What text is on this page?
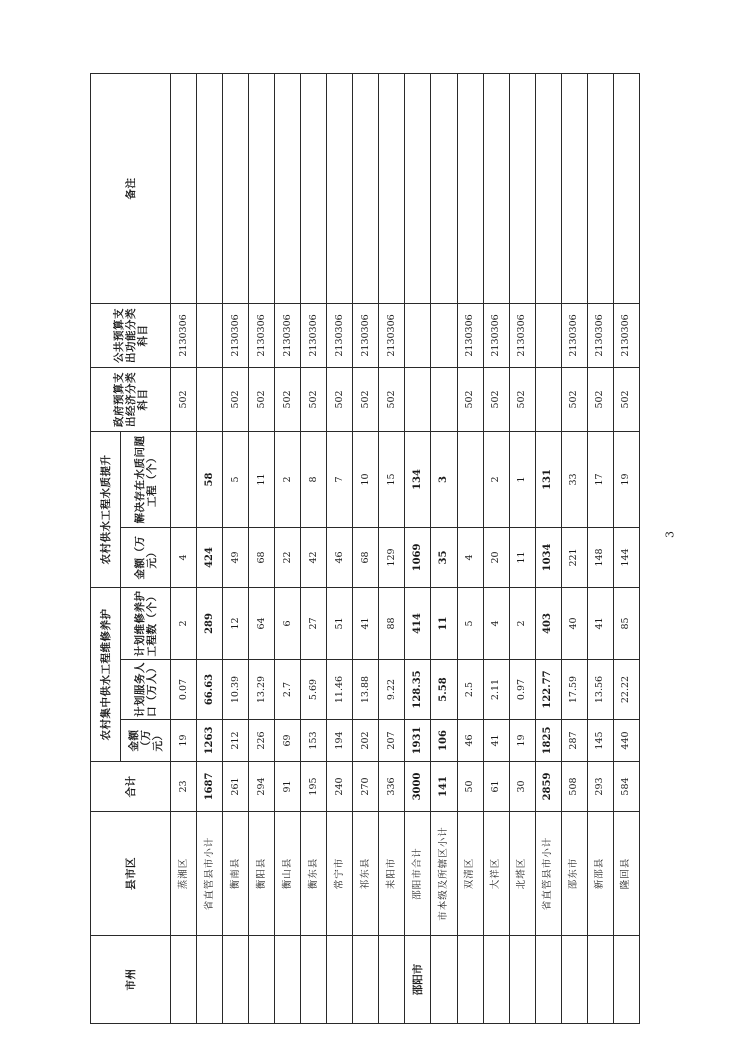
市州	县市区	合计	农村集中供水工程维修养护			农村供水工程水质提升		政府预算支出经济分类科目	公共预算支出功能分类科目	备注
			金额（万元）	计划服务人口（万人）	计划维修养护工程数（个）	金额（万元）	解决存在水质问题工程（个）			
	蒸湘区	23	19	0.07	2	4		502	2130306	
	省直管县市小计	1687	1263	66.63	289	424	58			
	衡南县	261	212	10.39	12	49	5	502	2130306	
	衡阳县	294	226	13.29	64	68	11	502	2130306	
	衡山县	91	69	2.7	6	22	2	502	2130306	
	衡东县	195	153	5.69	27	42	8	502	2130306	
	常宁市	240	194	11.46	51	46	7	502	2130306	
	祁东县	270	202	13.88	41	68	10	502	2130306	
	耒阳市	336	207	9.22	88	129	15	502	2130306	
邵阳市	邵阳市合计	3000	1931	128.35	414	1069	134			
	市本级及所辖区小计	141	106	5.58	11	35	3			
	双清区	50	46	2.5	5	4		502	2130306	
	大祥区	61	41	2.11	4	20	2	502	2130306	
	北塔区	30	19	0.97	2	11	1	502	2130306	
	省直管县市小计	2859	1825	122.77	403	1034	131			
	邵东市	508	287	17.59	40	221	33	502	2130306	
	新邵县	293	145	13.56	41	148	17	502	2130306	
	隆回县	584	440	22.22	85	144	19	502	2130306	
3
